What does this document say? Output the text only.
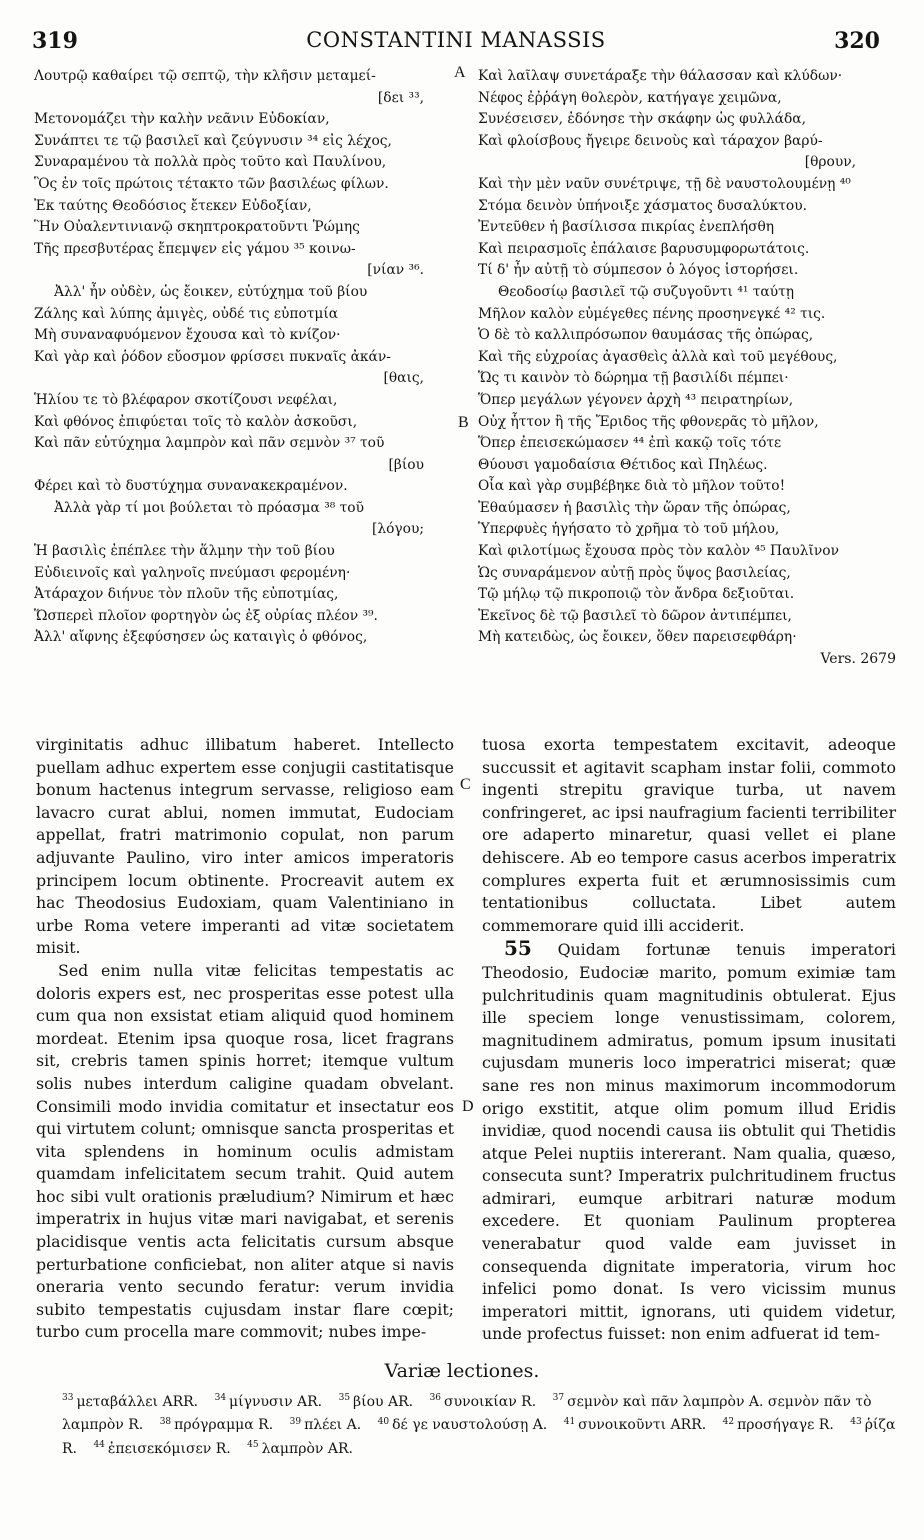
319	CONSTANTINI MANASSIS	320
Λουτρῷ καθαίρει τῷ σεπτῷ, τὴν κλῆσιν μεταμεί-
[δει ³³,
Μετονομάζει τὴν καλὴν νεᾶνιν Εὐδοκίαν,
Συνάπτει τε τῷ βασιλεῖ καὶ ζεύγνυσιν ³⁴ εἰς λέχος,
Συναραμένου τὰ πολλὰ πρὸς τοῦτο καὶ Παυλίνου,
Ὃς ἐν τοῖς πρώτοις τέτακτο τῶν βασιλέως φίλων.
Ἐκ ταύτης Θεοδόσιος ἔτεκεν Εὐδοξίαν,
Ἣν Οὐαλεντινιανῷ σκηπτροκρατοῦντι Ῥώμης
Τῆς πρεσβυτέρας ἔπεμψεν εἰς γάμου ³⁵ κοινω-
[νίαν ³⁶.
Ἀλλ' ἦν οὐδὲν, ὡς ἔοικεν, εὐτύχημα τοῦ βίου
Ζάλης καὶ λύπης ἀμιγὲς, οὐδέ τις εὐποτμία
Μὴ συναναφυόμενον ἔχουσα καὶ τὸ κνίζον·
Καὶ γὰρ καὶ ῥόδον εὔοσμον φρίσσει πυκναῖς ἀκάν-
[θαις,
Ἡλίου τε τὸ βλέφαρον σκοτίζουσι νεφέλαι,
Καὶ φθόνος ἐπιφύεται τοῖς τὸ καλὸν ἀσκοῦσι,
Καὶ πᾶν εὐτύχημα λαμπρὸν καὶ πᾶν σεμνὸν ³⁷ τοῦ
[βίου
Φέρει καὶ τὸ δυστύχημα συνανακεκραμένον.
Ἀλλὰ γὰρ τί μοι βούλεται τὸ πρόασμα ³⁸ τοῦ
[λόγου;
Ἡ βασιλὶς ἐπέπλεε τὴν ἅλμην τὴν τοῦ βίου
Εὐδιεινοῖς καὶ γαληνοῖς πνεύμασι φερομένη·
Ἀτάραχον διήνυε τὸν πλοῦν τῆς εὐποτμίας,
Ὥσπερεὶ πλοῖον φορτηγὸν ὡς ἐξ οὐρίας πλέον ³⁹.
Ἀλλ' αἴφνης ἐξεφύσησεν ὡς καταιγὶς ὁ φθόνος,
Καὶ λαῖλαψ συνετάραξε τὴν θάλασσαν καὶ κλύδων·
Νέφος ἐῤῥάγη θολερὸν, κατήγαγε χειμῶνα,
Συνέσεισεν, ἐδόνησε τὴν σκάφην ὡς φυλλάδα,
Καὶ φλοίσβους ἤγειρε δεινοὺς καὶ τάραχον βαρύ-
[θρουν,
Καὶ τὴν μὲν ναῦν συνέτριψε, τῇ δὲ ναυστολουμένῃ ⁴⁰
Στόμα δεινὸν ὑπήνοιξε χάσματος δυσαλύκτου.
Ἐντεῦθεν ἡ βασίλισσα πικρίας ἐνεπλήσθη
Καὶ πειρασμοῖς ἐπάλαισε βαρυσυμφορωτάτοις.
Τί δ' ἦν αὐτῇ τὸ σύμπεσον ὁ λόγος ἱστορήσει.
Θεοδοσίῳ βασιλεῖ τῷ συζυγοῦντι ⁴¹ ταύτῃ
Μῆλον καλὸν εὐμέγεθες πένης προσηνεγκέ ⁴² τις.
Ὁ δὲ τὸ καλλιπρόσωπον θαυμάσας τῆς ὀπώρας,
Καὶ τῆς εὐχροίας ἀγασθεὶς ἀλλὰ καὶ τοῦ μεγέθους,
Ὥς τι καινὸν τὸ δώρημα τῇ βασιλίδι πέμπει·
Ὅπερ μεγάλων γέγονεν ἀρχὴ ⁴³ πειρατηρίων,
Οὐχ ἧττον ἢ τῆς Ἔριδος τῆς φθονερᾶς τὸ μῆλον,
Ὅπερ ἐπεισεκώμασεν ⁴⁴ ἐπὶ κακῷ τοῖς τότε
Θύουσι γαμοδαίσια Θέτιδος καὶ Πηλέως.
Οἷα καὶ γὰρ συμβέβηκε διὰ τὸ μῆλον τοῦτο!
Ἐθαύμασεν ἡ βασιλὶς τὴν ὥραν τῆς ὀπώρας,
Ὑπερφυὲς ἡγήσατο τὸ χρῆμα τὸ τοῦ μήλου,
Καὶ φιλοτίμως ἔχουσα πρὸς τὸν καλὸν ⁴⁵ Παυλῖνον
Ὡς συναράμενον αὐτῇ πρὸς ὕψος βασιλείας,
Τῷ μήλῳ τῷ πικροποιῷ τὸν ἄνδρα δεξιοῦται.
Ἐκεῖνος δὲ τῷ βασιλεῖ τὸ δῶρον ἀντιπέμπει,
Μὴ κατειδὼς, ὡς ἔοικεν, ὅθεν παρεισεφθάρη·
Vers. 2679
A
B
C
D

virginitatis adhuc illibatum haberet. Intellecto puellam adhuc expertem esse conjugii castitatisque bonum hactenus integrum servasse, religioso eam lavacro curat ablui, nomen immutat, Eudociam appellat, fratri matrimonio copulat, non parum adjuvante Paulino, viro inter amicos imperatoris principem locum obtinente. Procreavit autem ex hac Theodosius Eudoxiam, quam Valentiniano in urbe Roma vetere imperanti ad vitæ societatem misit.

Sed enim nulla vitæ felicitas tempestatis ac doloris expers est, nec prosperitas esse potest ulla cum qua non exsistat etiam aliquid quod hominem mordeat. Etenim ipsa quoque rosa, licet fragrans sit, crebris tamen spinis horret; itemque vultum solis nubes interdum caligine quadam obvelant. Consimili modo invidia comitatur et insectatur eos qui virtutem colunt; omnisque sancta prosperitas et vita splendens in hominum oculis admistam quamdam infelicitatem secum trahit. Quid autem hoc sibi vult orationis præludium? Nimirum et hæc imperatrix in hujus vitæ mari navigabat, et serenis placidisque ventis acta felicitatis cursum absque perturbatione conficiebat, non aliter atque si navis oneraria vento secundo feratur: verum invidia subito tempestatis cujusdam instar flare cœpit; turbo cum procella mare commovit; nubes impe-

tuosa exorta tempestatem excitavit, adeoque succussit et agitavit scapham instar folii, commoto ingenti strepitu gravique turba, ut navem confringeret, ac ipsi naufragium facienti terribiliter ore adaperto minaretur, quasi vellet ei plane dehiscere. Ab eo tempore casus acerbos imperatrix complures experta fuit et ærumnosissimis cum tentationibus colluctata. Libet autem commemorare quid illi acciderit.

55 Quidam fortunæ tenuis imperatori Theodosio, Eudociæ marito, pomum eximiæ tam pulchritudinis quam magnitudinis obtulerat. Ejus ille speciem longe venustissimam, colorem, magnitudinem admiratus, pomum ipsum inusitati cujusdam muneris loco imperatrici miserat; quæ sane res non minus maximorum incommodorum origo exstitit, atque olim pomum illud Eridis invidiæ, quod nocendi causa iis obtulit qui Thetidis atque Pelei nuptiis intererant. Nam qualia, quæso, consecuta sunt? Imperatrix pulchritudinem fructus admirari, eumque arbitrari naturæ modum excedere. Et quoniam Paulinum propterea venerabatur quod valde eam juvisset in consequenda dignitate imperatoria, virum hoc infelici pomo donat. Is vero vicissim munus imperatori mittit, ignorans, uti quidem videtur, unde profectus fuisset: non enim adfuerat id tem-

Variæ lectiones.
$^{33}$ μεταβάλλει ARR. $^{34}$ μίγνυσιν AR. $^{35}$ βίου AR. $^{36}$ συνοικίαν R. $^{37}$ σεμνὸν καὶ πᾶν λαμπρὸν A. σεμνὸν πᾶν τὸ λαμπρὸν R. $^{38}$ πρόγραμμα R. $^{39}$ πλέει A. $^{40}$ δέ γε ναυστολούσῃ A. $^{41}$ συνοικοῦντι ARR. $^{42}$ προσήγαγε R. $^{43}$ ῥίζα R. $^{44}$ ἐπεισεκόμισεν R. $^{45}$ λαμπρὸν AR.
